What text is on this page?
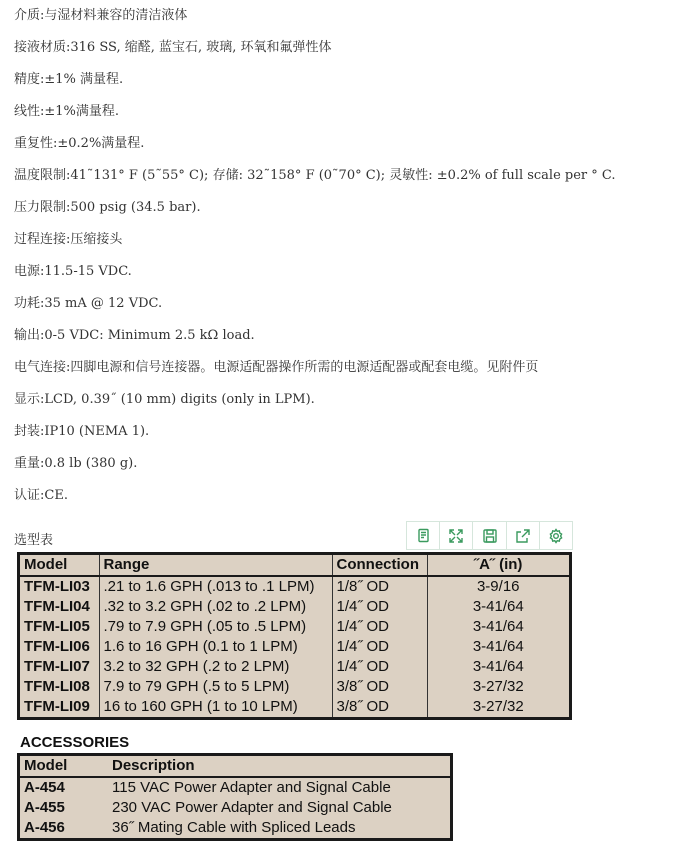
介质:与湿材料兼容的清洁液体
接液材质:316 SS, 缩醛, 蓝宝石, 玻璃, 环氧和氟弹性体
精度:±1% 满量程.
线性:±1%满量程.
重复性:±0.2%满量程.
温度限制:41˜131° F (5˜55° C); 存储: 32˜158° F (0˜70° C); 灵敏性: ±0.2% of full scale per ° C.
压力限制:500 psig (34.5 bar).
过程连接:压缩接头
电源:11.5-15 VDC.
功耗:35 mA @ 12 VDC.
输出:0-5 VDC: Minimum 2.5 kΩ load.
电气连接:四脚电源和信号连接器。电源适配器操作所需的电源适配器或配套电缆。见附件页
显示:LCD, 0.39˝ (10 mm) digits (only in LPM).
封装:IP10 (NEMA 1).
重量:0.8 lb (380 g).
认证:CE.
选型表
Model	Range	Connection	˝A˝ (in)
TFM-LI03	.21 to 1.6 GPH (.013 to .1 LPM)	1/8˝ OD	3-9/16
TFM-LI04	.32 to 3.2 GPH (.02 to .2 LPM)	1/4˝ OD	3-41/64
TFM-LI05	.79 to 7.9 GPH (.05 to .5 LPM)	1/4˝ OD	3-41/64
TFM-LI06	1.6 to 16 GPH (0.1 to 1 LPM)	1/4˝ OD	3-41/64
TFM-LI07	3.2 to 32 GPH (.2 to 2 LPM)	1/4˝ OD	3-41/64
TFM-LI08	7.9 to 79 GPH (.5 to 5 LPM)	3/8˝ OD	3-27/32
TFM-LI09	16 to 160 GPH (1 to 10 LPM)	3/8˝ OD	3-27/32
ACCESSORIES
Model	Description
A-454	115 VAC Power Adapter and Signal Cable
A-455	230 VAC Power Adapter and Signal Cable
A-456	36˝ Mating Cable with Spliced Leads
